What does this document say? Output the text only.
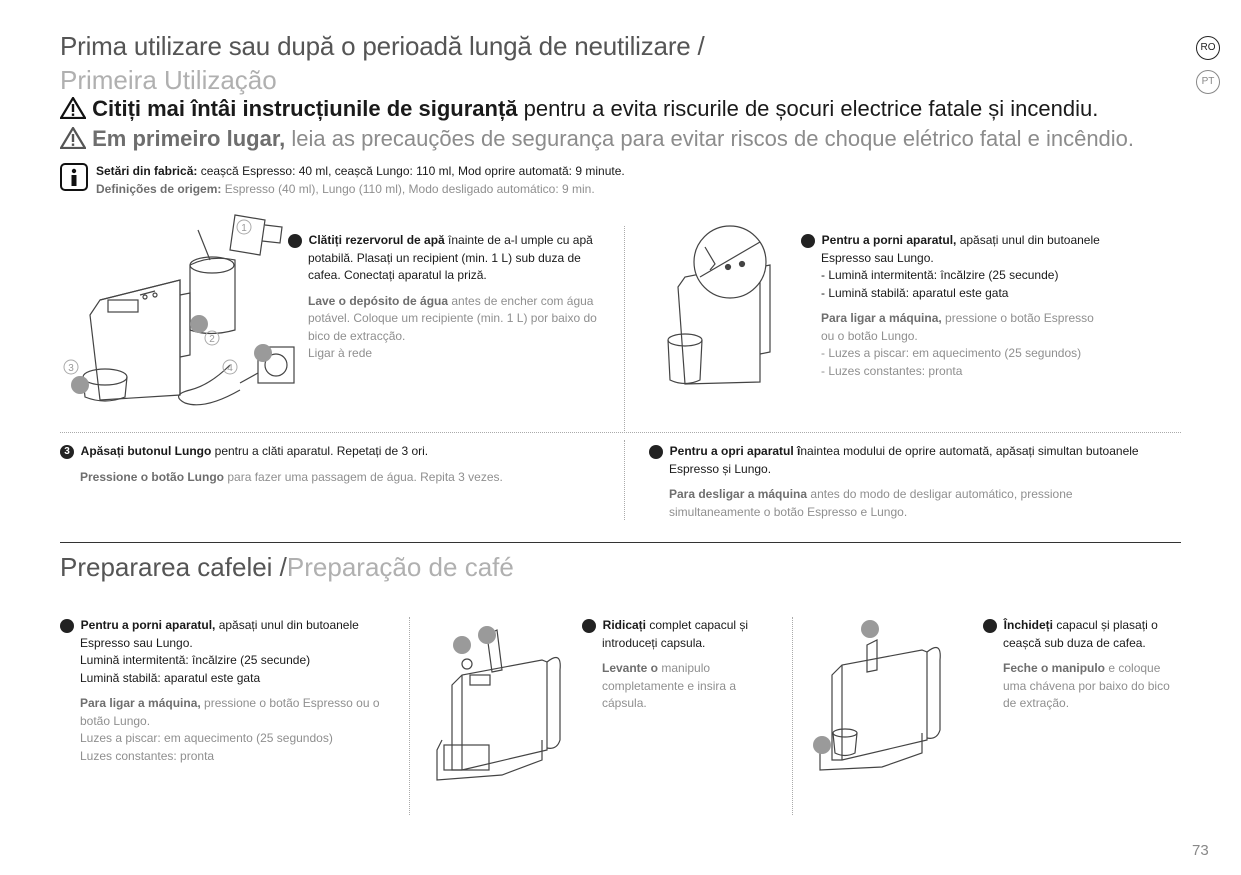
Prima utilizare sau după o perioadă lungă de neutilizare /
Primeira Utilização
RO
PT
Citiți mai întâi instrucțiunile de siguranță pentru a evita riscurile de șocuri electrice fatale și incendiu.
Em primeiro lugar, leia as precauções de segurança para evitar riscos de choque elétrico fatal e incêndio.
Setări din fabrică: ceașcă Espresso: 40 ml, ceașcă Lungo: 110 ml, Mod oprire automată: 9 minute.
Definições de origem: Espresso (40 ml), Lungo (110 ml), Modo desligado automático: 9 min.
1
2
3	4
1 Clătiți rezervorul de apă înainte de a-l umple cu apă potabilă. Plasați un recipient (min. 1 L) sub duza de cafea. Conectați aparatul la priză.
Lave o depósito de água antes de encher com água potável. Coloque um recipiente (min. 1 L) por baixo do bico de extracção.
Ligar à rede
2 Pentru a porni aparatul, apăsați unul din butoanele Espresso sau Lungo.
- Lumină intermitentă: încălzire (25 secunde)
- Lumină stabilă: aparatul este gata
Para ligar a máquina, pressione o botão Espresso ou o botão Lungo.
- Luzes a piscar: em aquecimento (25 segundos)
- Luzes constantes: pronta
3 Apăsați butonul Lungo pentru a clăti aparatul. Repetați de 3 ori.
Pressione o botão Lungo para fazer uma passagem de água. Repita 3 vezes.
4 Pentru a opri aparatul înaintea modului de oprire automată, apăsați simultan butoanele Espresso și Lungo.
Para desligar a máquina antes do modo de desligar automático, pressione simultaneamente o botão Espresso e Lungo.
Prepararea cafelei /Preparação de café
1 Pentru a porni aparatul, apăsați unul din butoanele Espresso sau Lungo.
Lumină intermitentă: încălzire (25 secunde)
Lumină stabilă: aparatul este gata
Para ligar a máquina, pressione o botão Espresso ou o botão Lungo.
Luzes a piscar: em aquecimento (25 segundos)
Luzes constantes: pronta
2 Ridicați complet capacul și introduceți capsula.
Levante o manipulo completamente e insira a cápsula.
3 Închideți capacul și plasați o ceașcă sub duza de cafea.
Feche o manipulo e coloque uma chávena por baixo do bico de extração.
73
